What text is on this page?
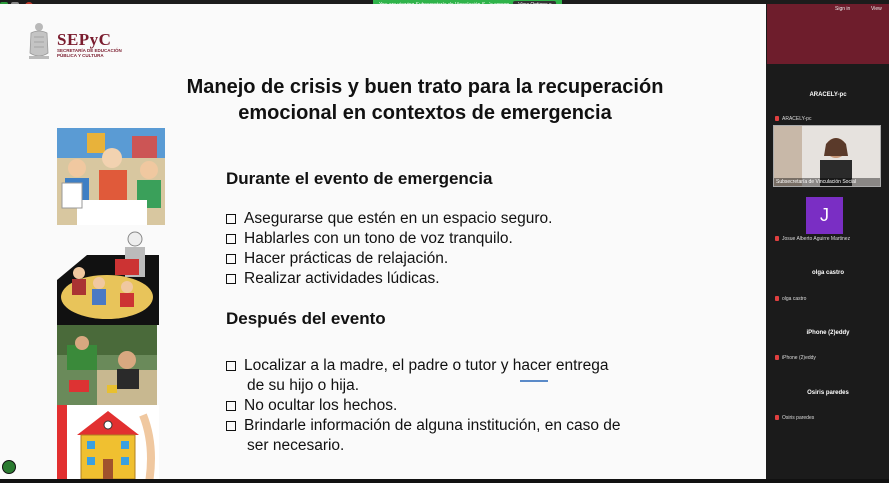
SEPyC
SECRETARÍA DE EDUCACIÓN PÚBLICA Y CULTURA
Manejo de crisis y buen trato para la recuperación
emocional en contextos de emergencia
Durante el evento de emergencia
Asegurarse que estén en un espacio seguro.
Hablarles con un tono de voz tranquilo.
Hacer prácticas de relajación.
Realizar actividades lúdicas.
Después del evento
Localizar a la madre, el padre o tutor y hacer entrega
de su hijo o hija.
No ocultar los hechos.
Brindarle información de alguna institución, en caso de
ser necesario.
Sign in	View
ARACELY-pc
ARACELY-pc
Subsecretaría de Vinculación Social
J
Josue Alberto Aguirre Martinez
olga castro
olga castro
iPhone (2)eddy
iPhone (2)eddy
Osiris paredes
Osiris paredes
